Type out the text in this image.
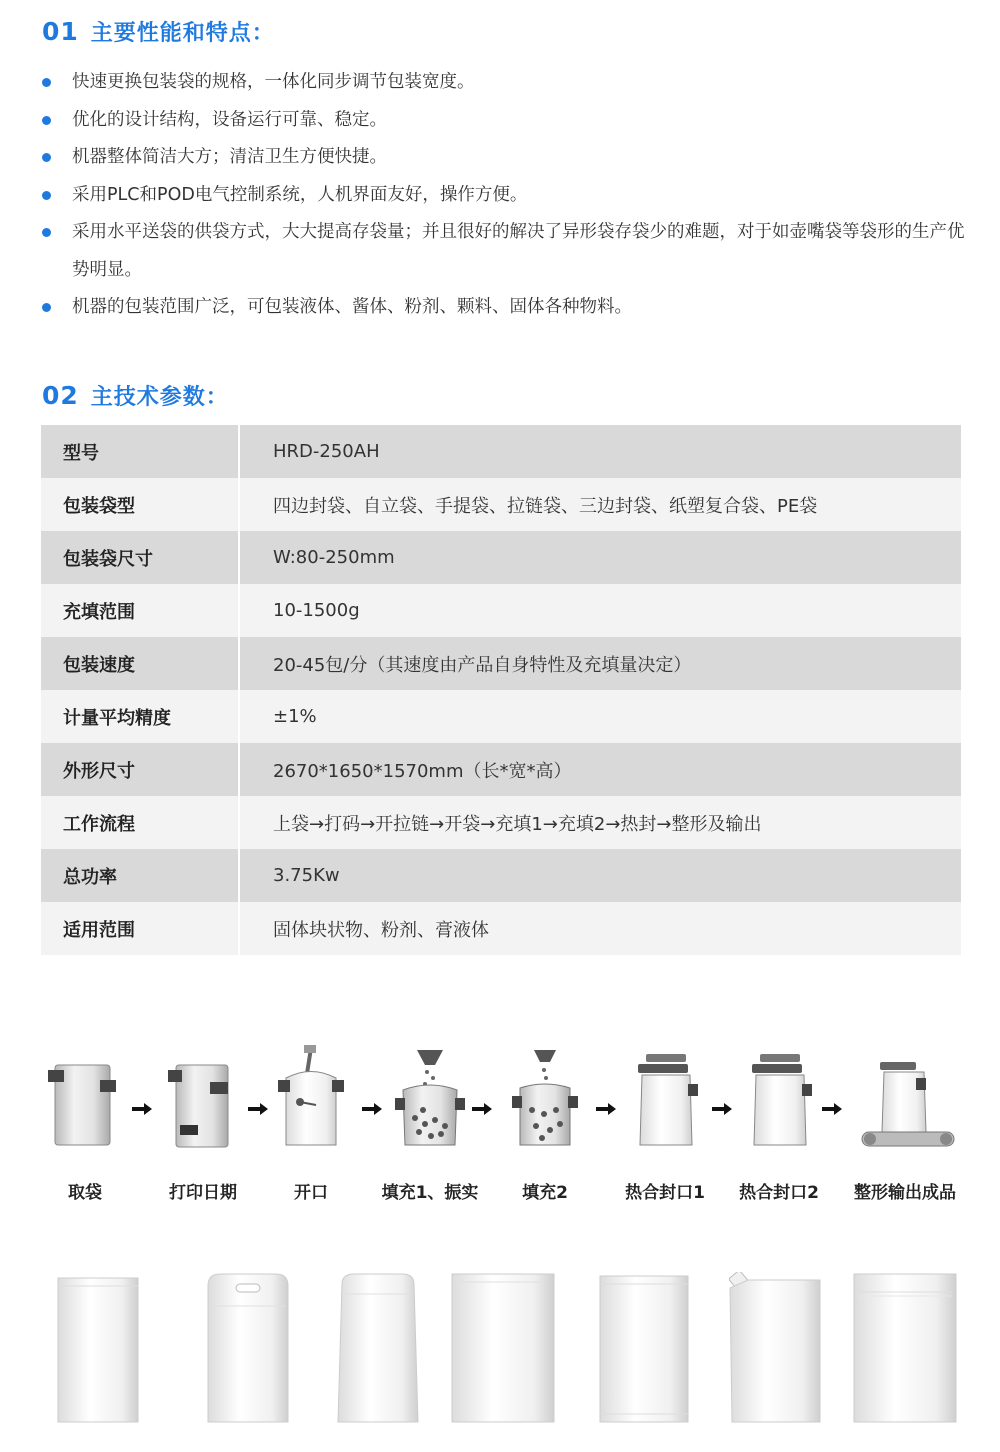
01 主要性能和特点：
快速更换包装袋的规格，一体化同步调节包装宽度。
优化的设计结构，设备运行可靠、稳定。
机器整体简洁大方；清洁卫生方便快捷。
采用PLC和POD电气控制系统，人机界面友好，操作方便。
采用水平送袋的供袋方式，大大提高存袋量；并且很好的解决了异形袋存袋少的难题，对于如壶嘴袋等袋形的生产优势明显。
机器的包装范围广泛，可包装液体、酱体、粉剂、颗料、固体各种物料。
02 主技术参数：
型号	HRD-250AH
包装袋型	四边封袋、自立袋、手提袋、拉链袋、三边封袋、纸塑复合袋、PE袋
包装袋尺寸	W:80-250mm
充填范围	10-1500g
包装速度	20-45包/分（其速度由产品自身特性及充填量决定）
计量平均精度	±1%
外形尺寸	2670*1650*1570mm（长*宽*高）
工作流程	上袋→打码→开拉链→开袋→充填1→充填2→热封→整形及输出
总功率	3.75Kw
适用范围	固体块状物、粉剂、膏液体
取袋	打印日期	开口	填充1、振实	填充2	热合封口1	热合封口2	整形输出成品
